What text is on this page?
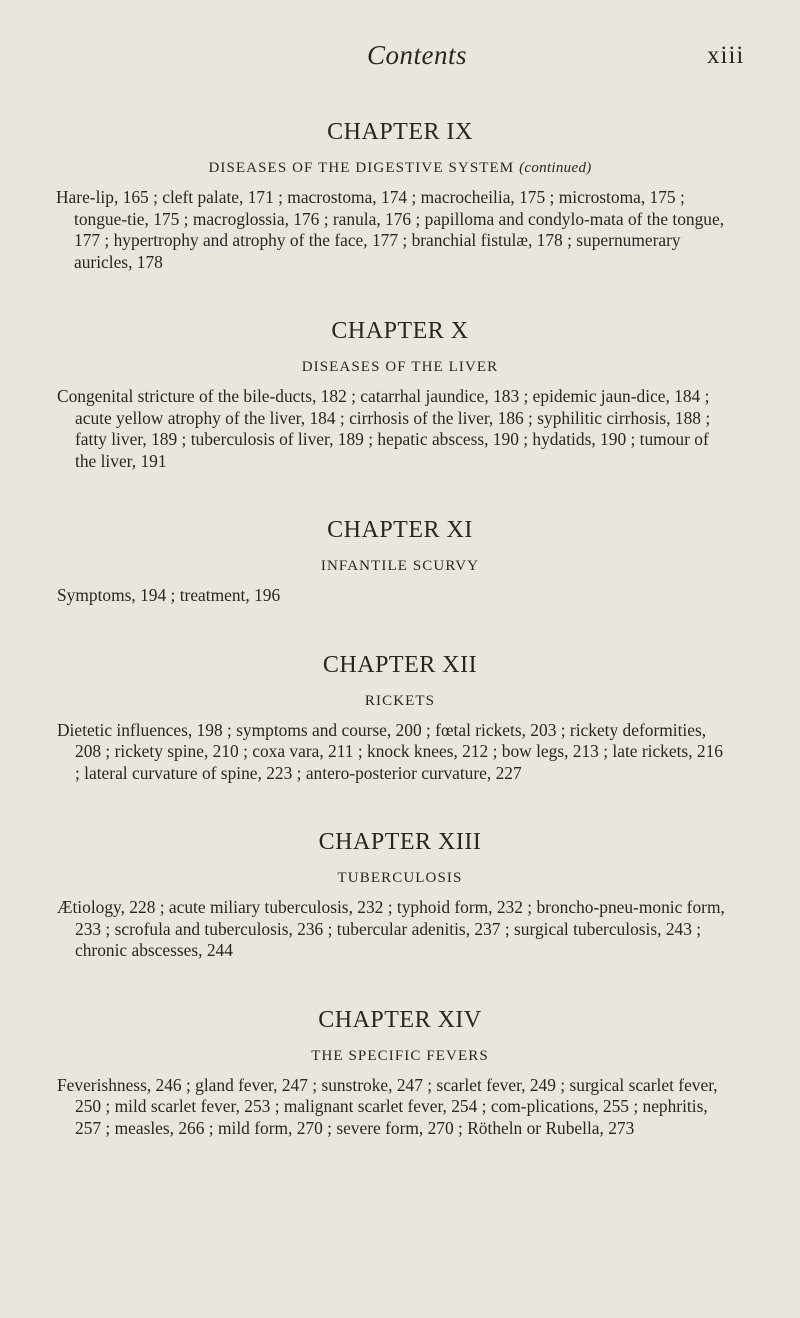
Contents	xiii
CHAPTER IX

DISEASES OF THE DIGESTIVE SYSTEM (continued)

Hare-lip, 165 ; cleft palate, 171 ; macrostoma, 174 ; macrocheilia, 175 ; microstoma, 175 ; tongue-tie, 175 ; macroglossia, 176 ; ranula, 176 ; papilloma and condylo-mata of the tongue, 177 ; hypertrophy and atrophy of the face, 177 ; branchial fistulæ, 178 ; supernumerary auricles, 178

CHAPTER X

DISEASES OF THE LIVER

Congenital stricture of the bile-ducts, 182 ; catarrhal jaundice, 183 ; epidemic jaun-dice, 184 ; acute yellow atrophy of the liver, 184 ; cirrhosis of the liver, 186 ; syphilitic cirrhosis, 188 ; fatty liver, 189 ; tuberculosis of liver, 189 ; hepatic abscess, 190 ; hydatids, 190 ; tumour of the liver, 191

CHAPTER XI

INFANTILE SCURVY

Symptoms, 194 ; treatment, 196

CHAPTER XII

RICKETS

Dietetic influences, 198 ; symptoms and course, 200 ; fœtal rickets, 203 ; rickety deformities, 208 ; rickety spine, 210 ; coxa vara, 211 ; knock knees, 212 ; bow legs, 213 ; late rickets, 216 ; lateral curvature of spine, 223 ; antero-posterior curvature, 227

CHAPTER XIII

TUBERCULOSIS

Ætiology, 228 ; acute miliary tuberculosis, 232 ; typhoid form, 232 ; broncho-pneu-monic form, 233 ; scrofula and tuberculosis, 236 ; tubercular adenitis, 237 ; surgical tuberculosis, 243 ; chronic abscesses, 244

CHAPTER XIV

THE SPECIFIC FEVERS

Feverishness, 246 ; gland fever, 247 ; sunstroke, 247 ; scarlet fever, 249 ; surgical scarlet fever, 250 ; mild scarlet fever, 253 ; malignant scarlet fever, 254 ; com-plications, 255 ; nephritis, 257 ; measles, 266 ; mild form, 270 ; severe form, 270 ; Rötheln or Rubella, 273
